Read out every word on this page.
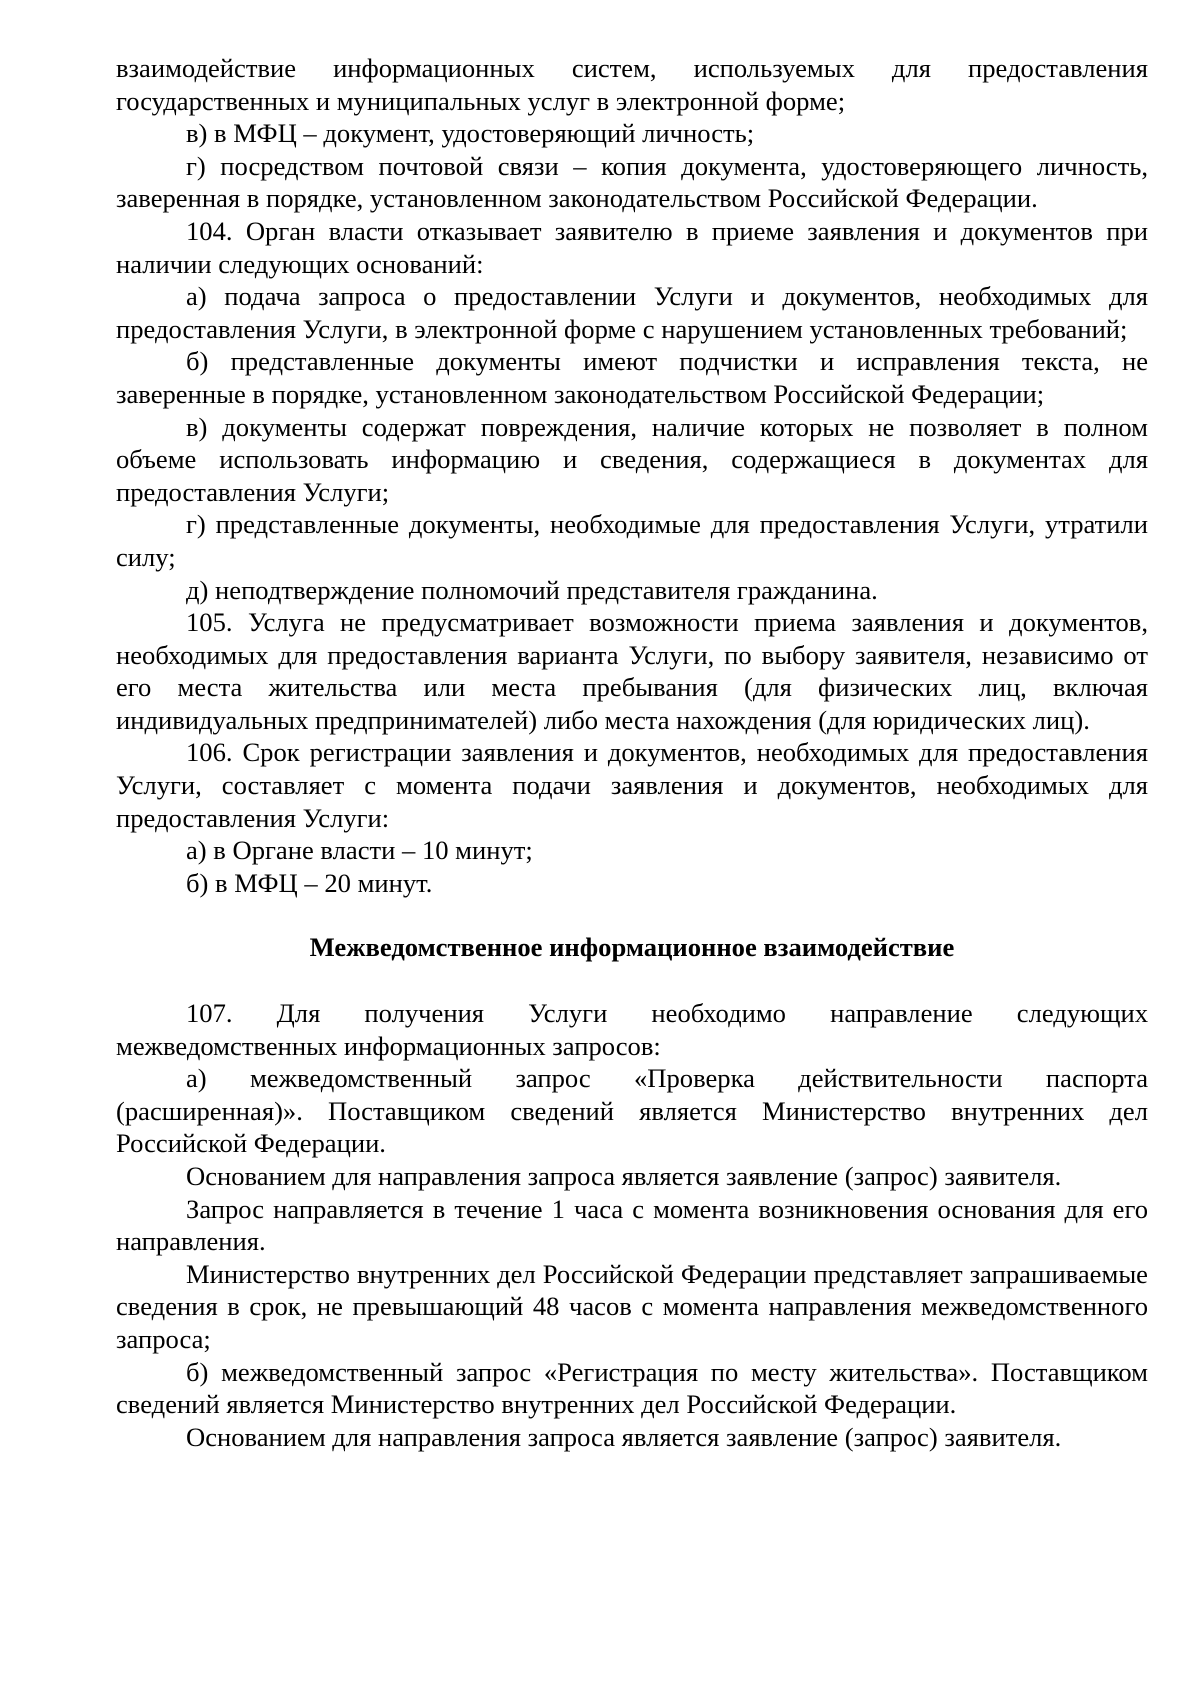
взаимодействие информационных систем, используемых для предоставления государственных и муниципальных услуг в электронной форме;

в) в МФЦ – документ, удостоверяющий личность;

г) посредством почтовой связи – копия документа, удостоверяющего личность, заверенная в порядке, установленном законодательством Российской Федерации.

104. Орган власти отказывает заявителю в приеме заявления и документов при наличии следующих оснований:

а) подача запроса о предоставлении Услуги и документов, необходимых для предоставления Услуги, в электронной форме с нарушением установленных требований;

б) представленные документы имеют подчистки и исправления текста, не заверенные в порядке, установленном законодательством Российской Федерации;

в) документы содержат повреждения, наличие которых не позволяет в полном объеме использовать информацию и сведения, содержащиеся в документах для предоставления Услуги;

г) представленные документы, необходимые для предоставления Услуги, утратили силу;

д) неподтверждение полномочий представителя гражданина.

105. Услуга не предусматривает возможности приема заявления и документов, необходимых для предоставления варианта Услуги, по выбору заявителя, независимо от его места жительства или места пребывания (для физических лиц, включая индивидуальных предпринимателей) либо места нахождения (для юридических лиц).

106. Срок регистрации заявления и документов, необходимых для предоставления Услуги, составляет с момента подачи заявления и документов, необходимых для предоставления Услуги:

а) в Органе власти – 10 минут;

б) в МФЦ – 20 минут.

Межведомственное информационное взаимодействие

107. Для получения Услуги необходимо направление следующих межведомственных информационных запросов:

а) межведомственный запрос «Проверка действительности паспорта (расширенная)». Поставщиком сведений является Министерство внутренних дел Российской Федерации.

Основанием для направления запроса является заявление (запрос) заявителя.

Запрос направляется в течение 1 часа с момента возникновения основания для его направления.

Министерство внутренних дел Российской Федерации представляет запрашиваемые сведения в срок, не превышающий 48 часов с момента направления межведомственного запроса;

б) межведомственный запрос «Регистрация по месту жительства». Поставщиком сведений является Министерство внутренних дел Российской Федерации.

Основанием для направления запроса является заявление (запрос) заявителя.
